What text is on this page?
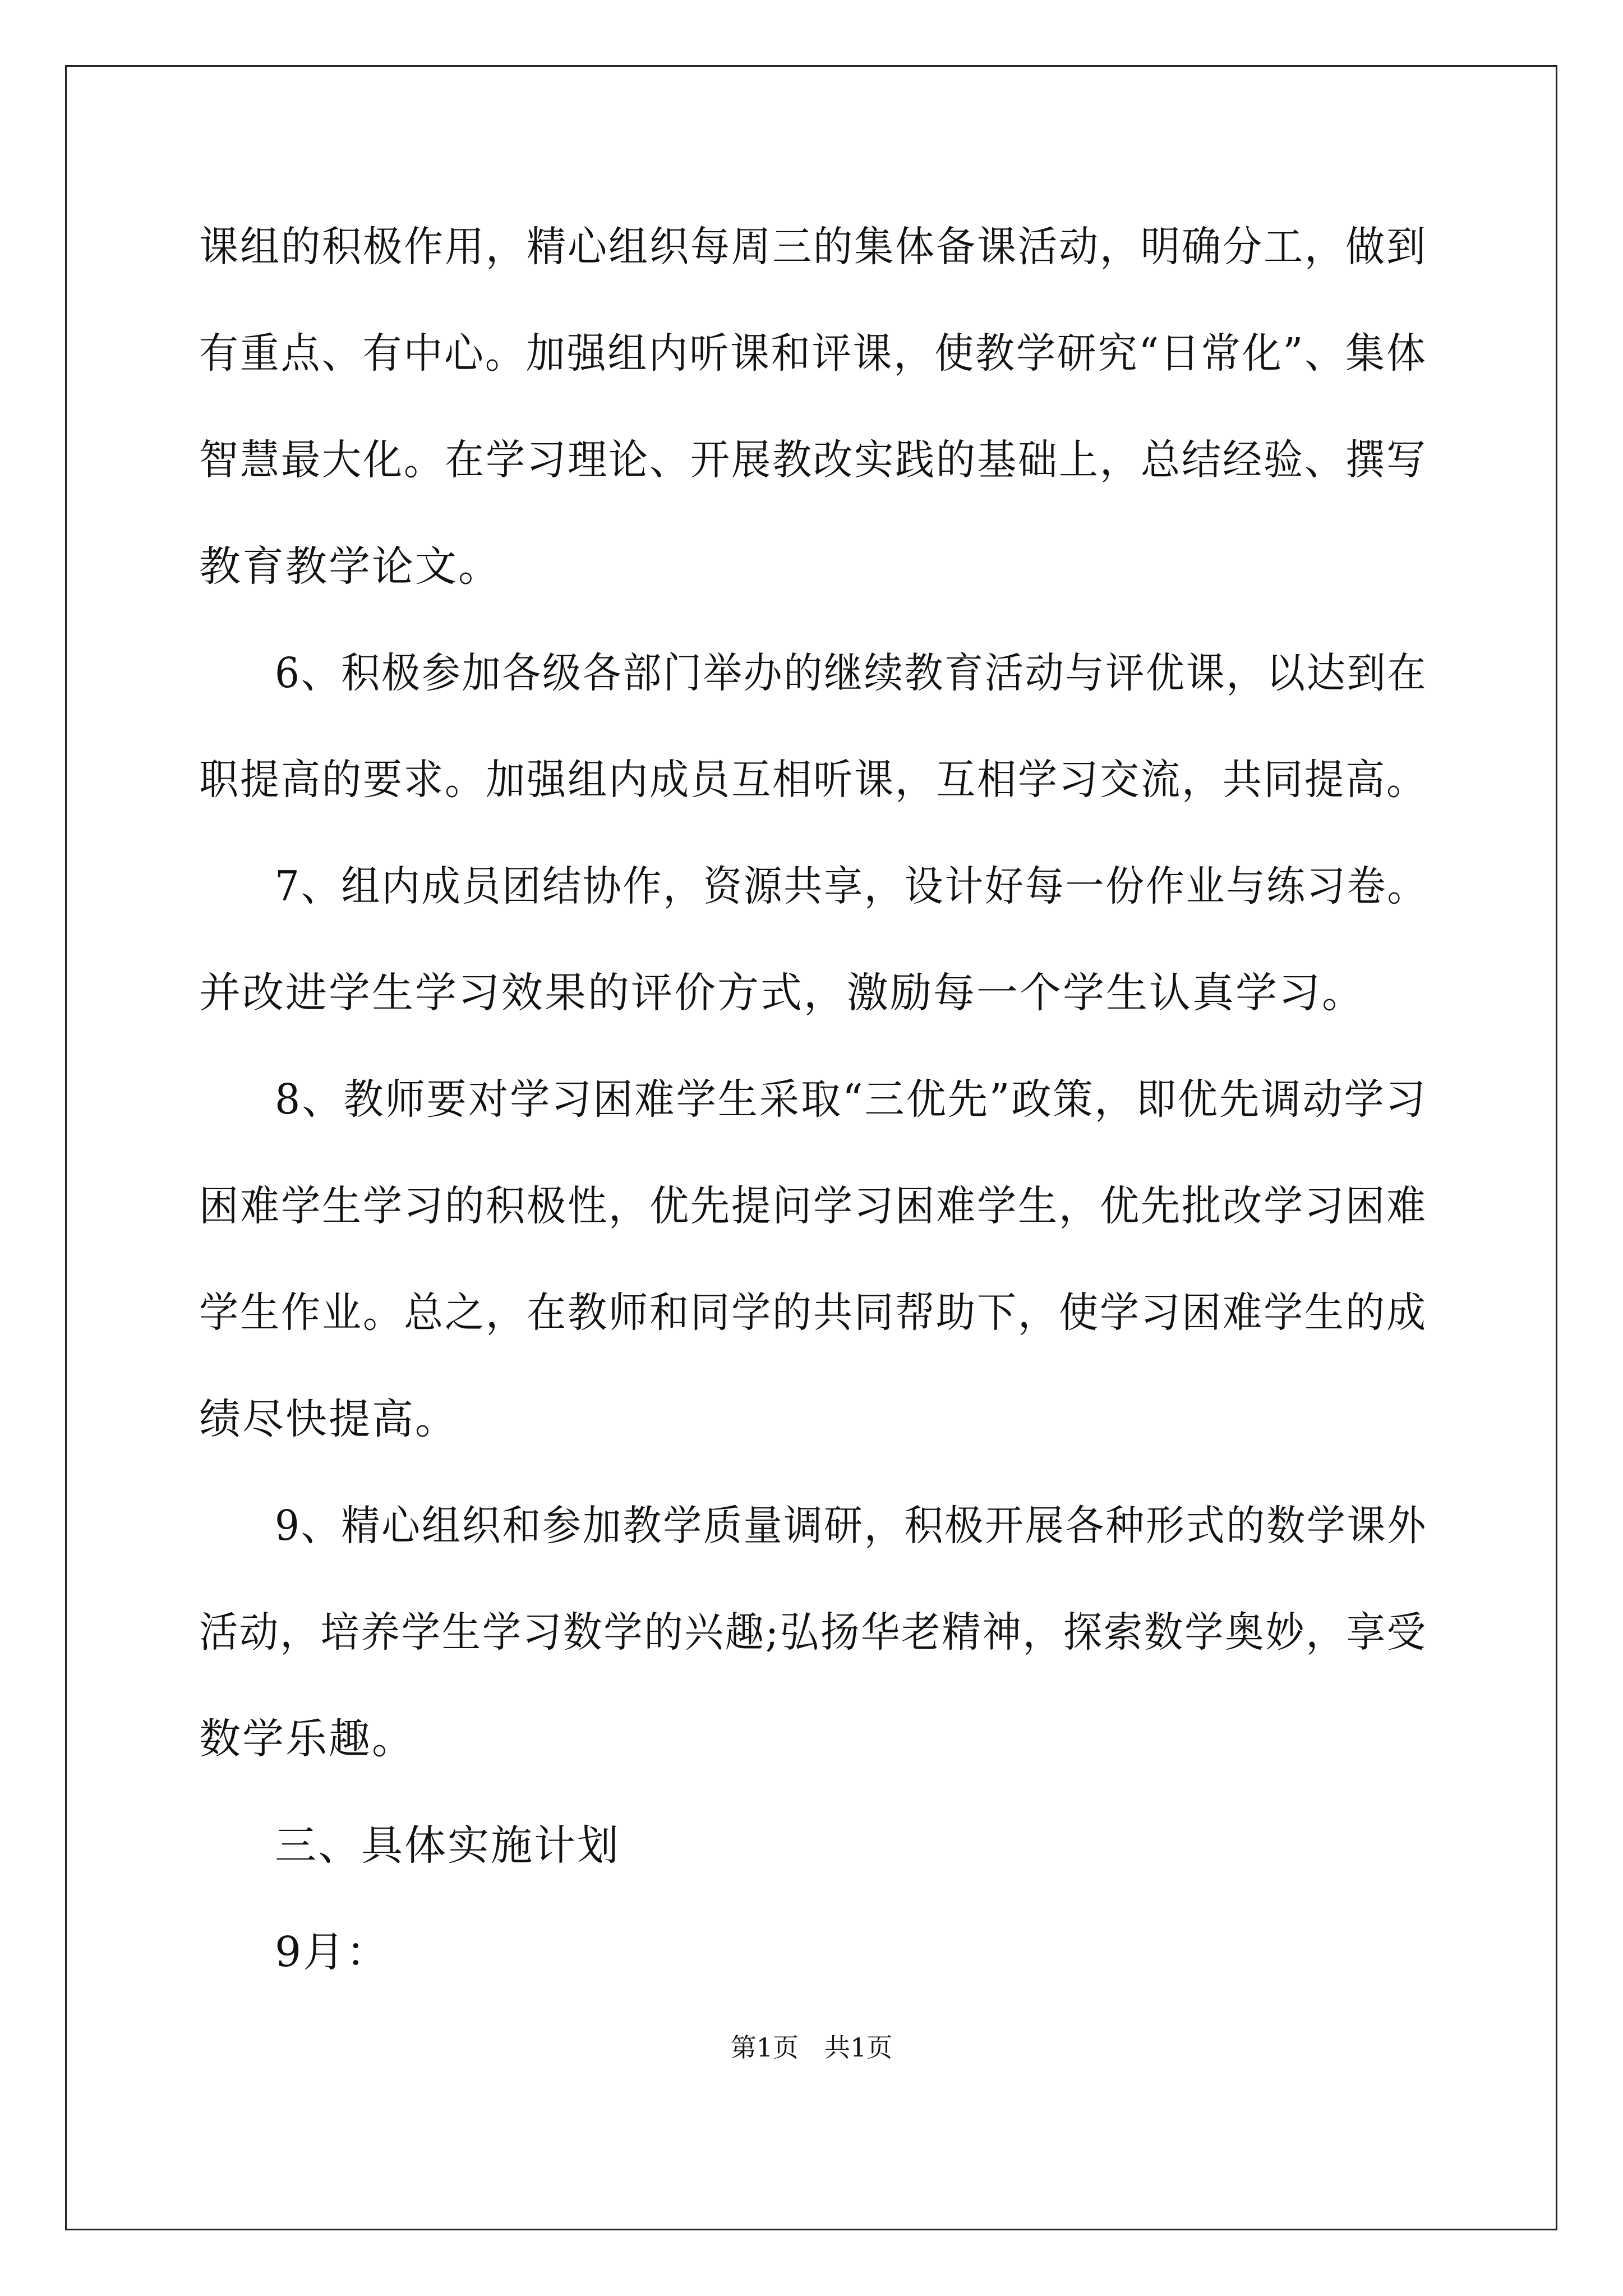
课组的积极作用，精心组织每周三的集体备课活动，明确分工，做到
有重点、有中心。加强组内听课和评课，使教学研究“日常化”、集体
智慧最大化。在学习理论、开展教改实践的基础上，总结经验、撰写
教育教学论文。
6、积极参加各级各部门举办的继续教育活动与评优课，以达到在
职提高的要求。加强组内成员互相听课，互相学习交流，共同提高。
7、组内成员团结协作，资源共享，设计好每一份作业与练习卷。
并改进学生学习效果的评价方式，激励每一个学生认真学习。
8、教师要对学习困难学生采取“三优先”政策，即优先调动学习
困难学生学习的积极性，优先提问学习困难学生，优先批改学习困难
学生作业。总之，在教师和同学的共同帮助下，使学习困难学生的成
绩尽快提高。
9、精心组织和参加教学质量调研，积极开展各种形式的数学课外
活动，培养学生学习数学的兴趣;弘扬华老精神，探索数学奥妙，享受
数学乐趣。
三、具体实施计划
9月：
第1页　共1页
